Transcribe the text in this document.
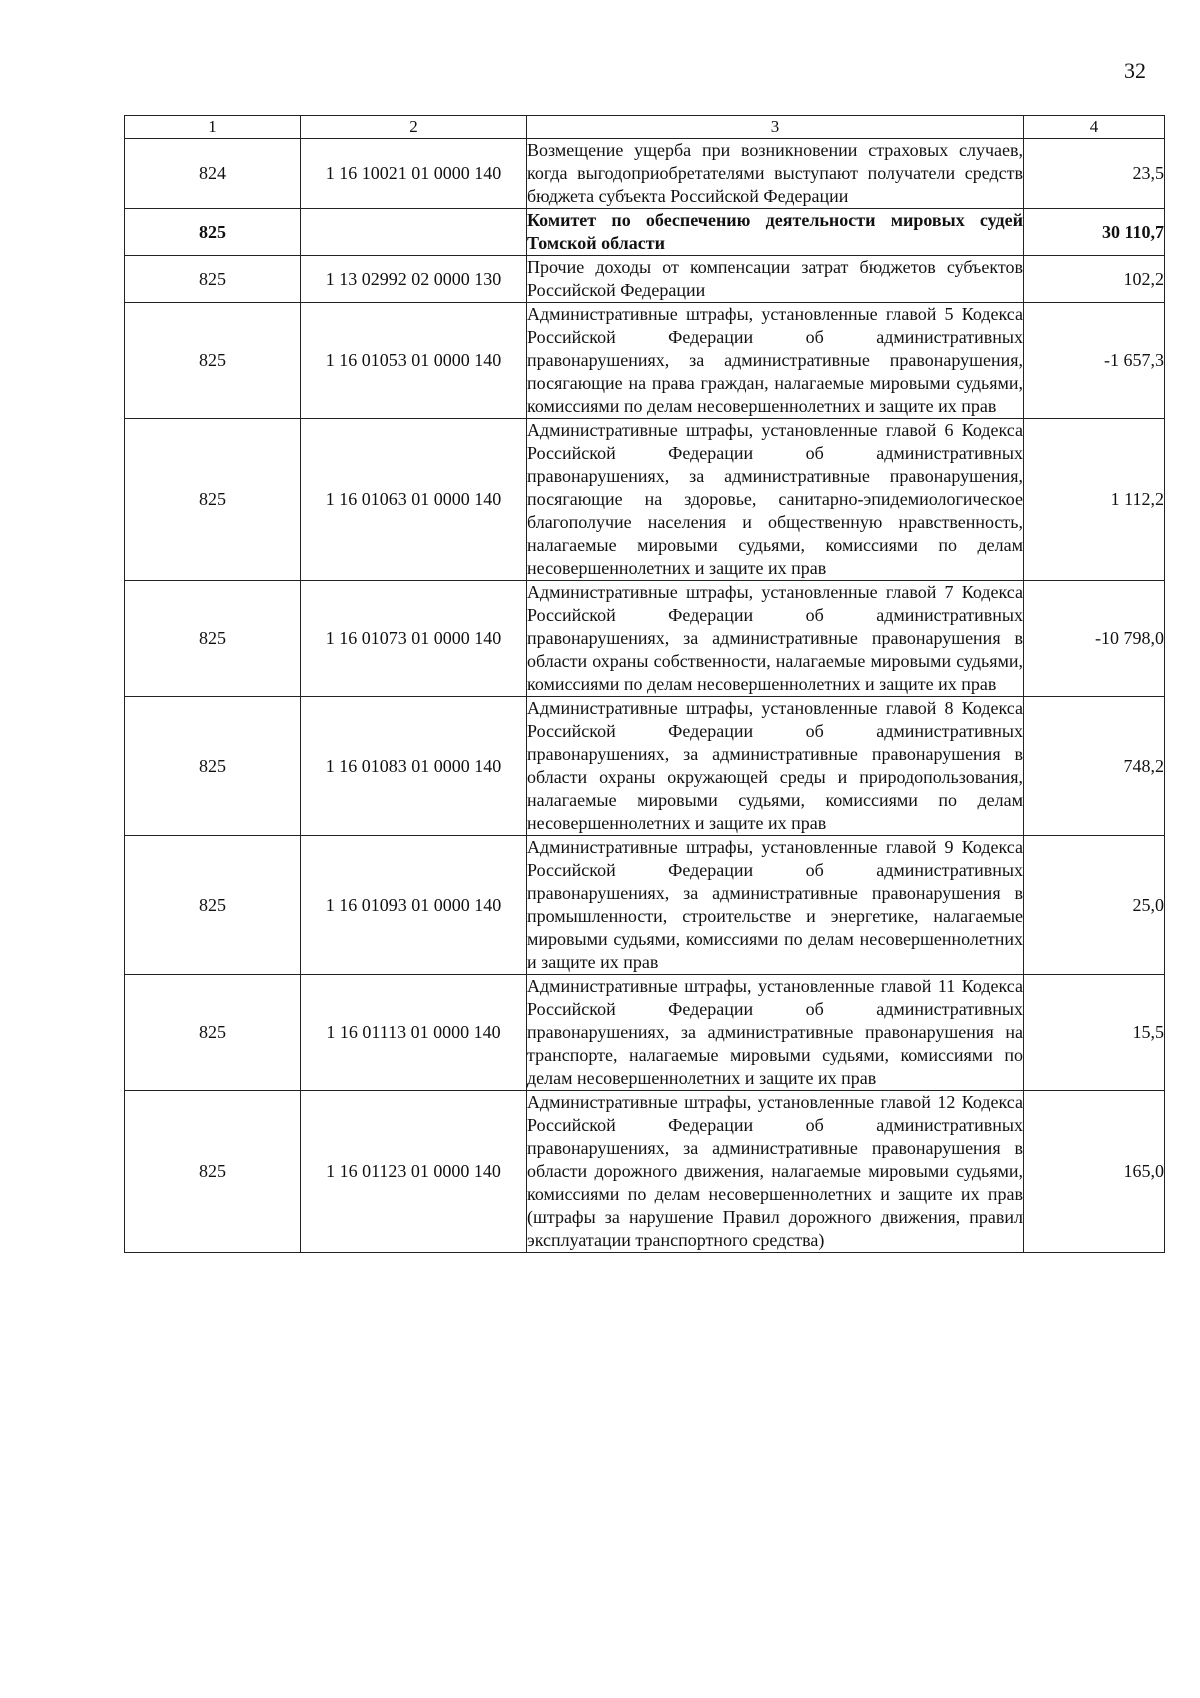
32
1	2	3	4
824	1 16 10021 01 0000 140	Возмещение ущерба при возникновении страховых случаев, когда выгодоприобретателями выступают получатели средств бюджета субъекта Российской Федерации	23,5
825		Комитет по обеспечению деятельности мировых судей Томской области	30 110,7
825	1 13 02992 02 0000 130	Прочие доходы от компенсации затрат бюджетов субъектов Российской Федерации	102,2
825	1 16 01053 01 0000 140	Административные штрафы, установленные главой 5 Кодекса Российской Федерации об административных правонарушениях, за административные правонарушения, посягающие на права граждан, налагаемые мировыми судьями, комиссиями по делам несовершеннолетних и защите их прав	-1 657,3
825	1 16 01063 01 0000 140	Административные штрафы, установленные главой 6 Кодекса Российской Федерации об административных правонарушениях, за административные правонарушения, посягающие на здоровье, санитарно-эпидемиологическое благополучие населения и общественную нравственность, налагаемые мировыми судьями, комиссиями по делам несовершеннолетних и защите их прав	1 112,2
825	1 16 01073 01 0000 140	Административные штрафы, установленные главой 7 Кодекса Российской Федерации об административных правонарушениях, за административные правонарушения в области охраны собственности, налагаемые мировыми судьями, комиссиями по делам несовершеннолетних и защите их прав	-10 798,0
825	1 16 01083 01 0000 140	Административные штрафы, установленные главой 8 Кодекса Российской Федерации об административных правонарушениях, за административные правонарушения в области охраны окружающей среды и природопользования, налагаемые мировыми судьями, комиссиями по делам несовершеннолетних и защите их прав	748,2
825	1 16 01093 01 0000 140	Административные штрафы, установленные главой 9 Кодекса Российской Федерации об административных правонарушениях, за административные правонарушения в промышленности, строительстве и энергетике, налагаемые мировыми судьями, комиссиями по делам несовершеннолетних и защите их прав	25,0
825	1 16 01113 01 0000 140	Административные штрафы, установленные главой 11 Кодекса Российской Федерации об административных правонарушениях, за административные правонарушения на транспорте, налагаемые мировыми судьями, комиссиями по делам несовершеннолетних и защите их прав	15,5
825	1 16 01123 01 0000 140	Административные штрафы, установленные главой 12 Кодекса Российской Федерации об административных правонарушениях, за административные правонарушения в области дорожного движения, налагаемые мировыми судьями, комиссиями по делам несовершеннолетних и защите их прав (штрафы за нарушение Правил дорожного движения, правил эксплуатации транспортного средства)	165,0
